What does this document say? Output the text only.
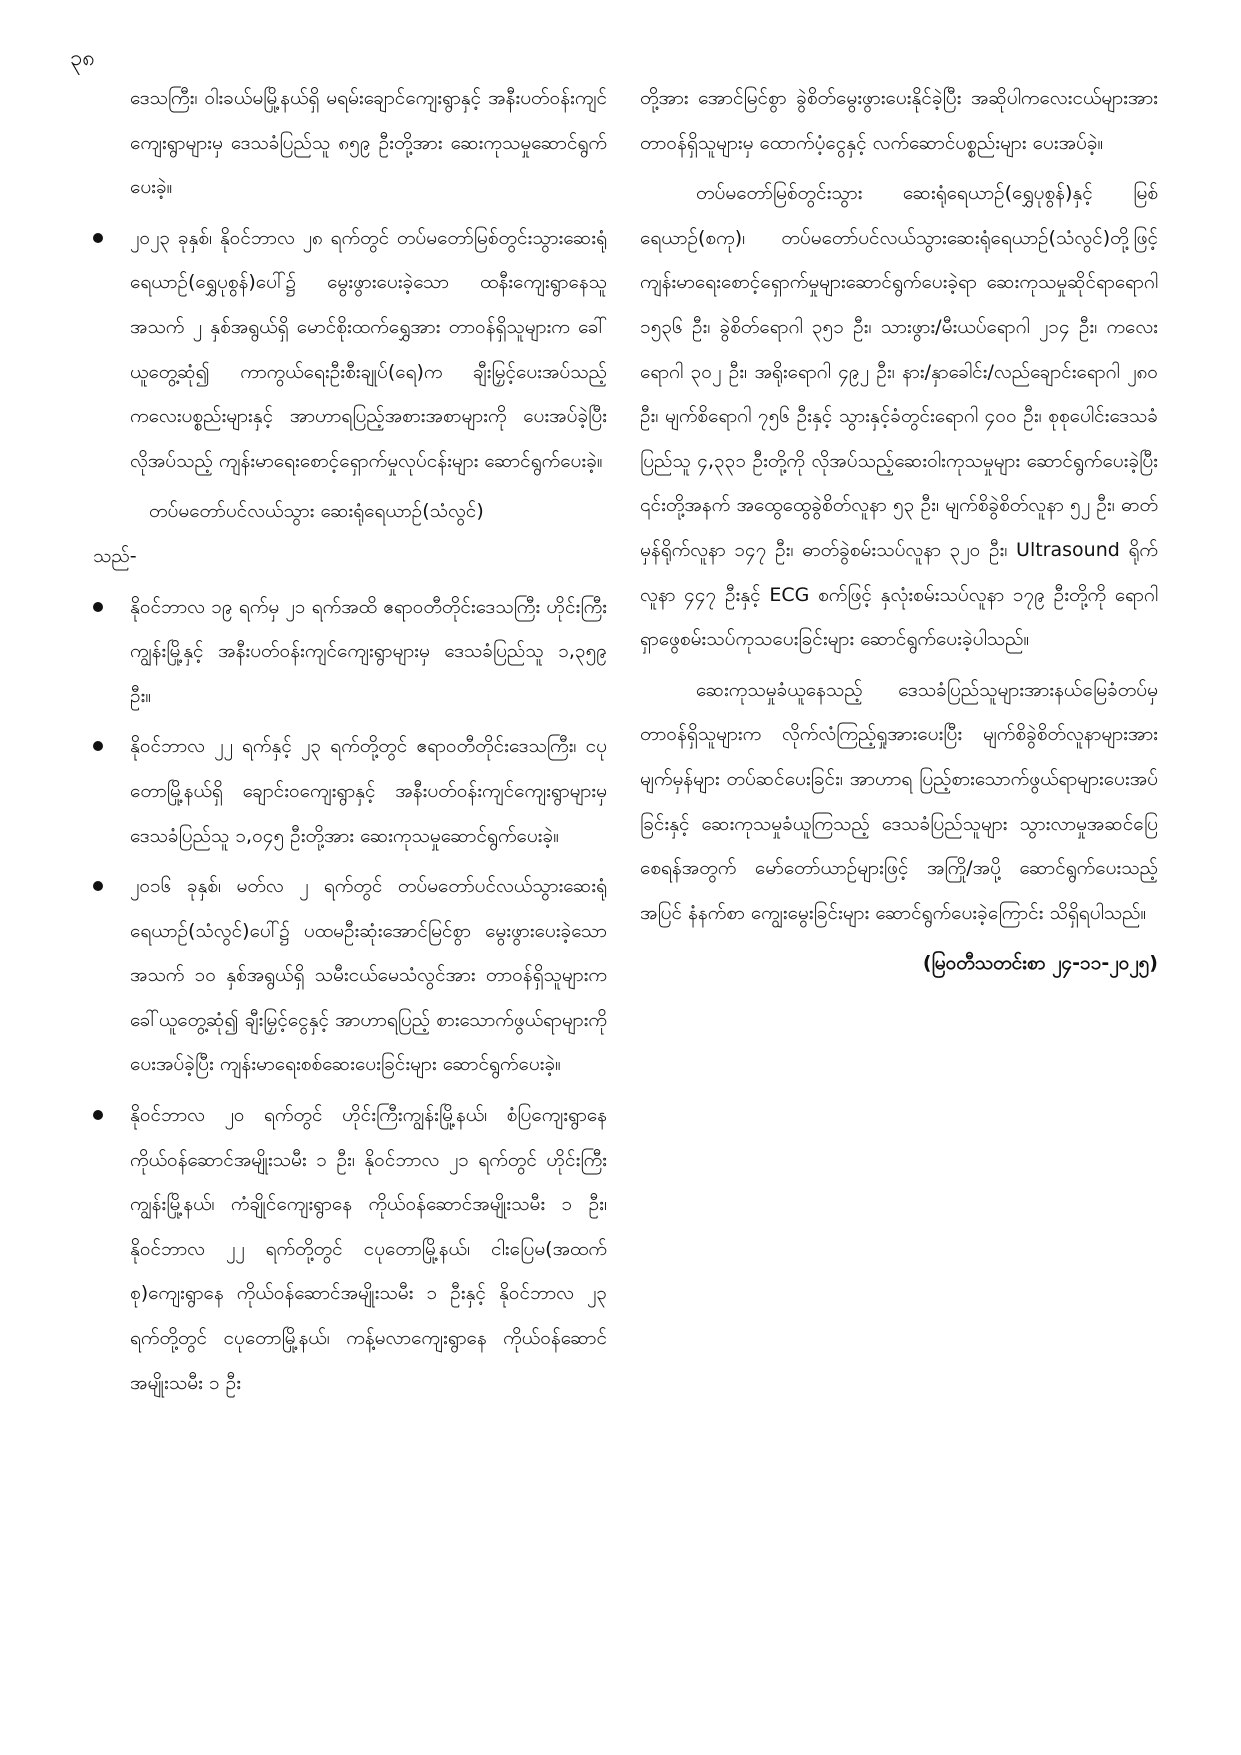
၃၈

ဒေသကြီး၊ ဝါးခယ်မမြို့နယ်ရှိ မရမ်းချောင်ကျေးရွာနှင့် အနီးပတ်ဝန်းကျင်ကျေးရွာများမှ ဒေသခံပြည်သူ ၈၅၉ ဦးတို့အား ဆေးကုသမှုဆောင်ရွက်ပေးခဲ့။

၂၀၂၃ ခုနှစ်၊ နိုဝင်ဘာလ ၂၈ ရက်တွင် တပ်မတော်မြစ်တွင်းသွားဆေးရုံရေယာဉ်(ရွှေပုစွန်)ပေါ်၌ မွေးဖွားပေးခဲ့သော ထနီးကျေးရွာနေသူ အသက် ၂ နှစ်အရွယ်ရှိ မောင်စိုးထက်ရွှေအား တာဝန်ရှိသူများက ခေါ်ယူတွေ့ဆုံ၍ ကာကွယ်ရေးဦးစီးချုပ်(ရေ)က ချီးမြှင့်ပေးအပ်သည့် ကလေးပစ္စည်းများနှင့် အာဟာရပြည့်အစားအစာများကို ပေးအပ်ခဲ့ပြီး လိုအပ်သည့် ကျန်းမာရေးစောင့်ရှောက်မှုလုပ်ငန်းများ ဆောင်ရွက်ပေးခဲ့။

တပ်မတော်ပင်လယ်သွား ဆေးရုံရေယာဉ်(သံလွင်)

သည်-

နိုဝင်ဘာလ ၁၉ ရက်မှ ၂၁ ရက်အထိ ဧရာဝတီတိုင်းဒေသကြီး ဟိုင်းကြီးကျွန်းမြို့နှင့် အနီးပတ်ဝန်းကျင်ကျေးရွာများမှ ဒေသခံပြည်သူ ၁,၃၅၉ ဦး။
နိုဝင်ဘာလ ၂၂ ရက်နှင့် ၂၃ ရက်တို့တွင် ဧရာဝတီတိုင်းဒေသကြီး၊ ငပုတောမြို့နယ်ရှိ ချောင်းဝကျေးရွာနှင့် အနီးပတ်ဝန်းကျင်ကျေးရွာများမှ ဒေသခံပြည်သူ ၁,၀၄၅ ဦးတို့အား ဆေးကုသမှုဆောင်ရွက်ပေးခဲ့။
၂၀၁၆ ခုနှစ်၊ မတ်လ ၂ ရက်တွင် တပ်မတော်ပင်လယ်သွားဆေးရုံရေယာဉ်(သံလွင်)ပေါ်၌ ပထမဦးဆုံးအောင်မြင်စွာ မွေးဖွားပေးခဲ့သော အသက် ၁၀ နှစ်အရွယ်ရှိ သမီးငယ်မေသံလွင်အား တာဝန်ရှိသူများက ခေါ်ယူတွေ့ဆုံ၍ ချီးမြှင့်ငွေနှင့် အာဟာရပြည့် စားသောက်ဖွယ်ရာများကို ပေးအပ်ခဲ့ပြီး ကျန်းမာရေးစစ်ဆေးပေးခြင်းများ ဆောင်ရွက်ပေးခဲ့။
နိုဝင်ဘာလ ၂၀ ရက်တွင် ဟိုင်းကြီးကျွန်းမြို့နယ်၊ စံပြကျေးရွာနေ ကိုယ်ဝန်ဆောင်အမျိုးသမီး ၁ ဦး၊ နိုဝင်ဘာလ ၂၁ ရက်တွင် ဟိုင်းကြီးကျွန်းမြို့နယ်၊ ကံချိုင်ကျေးရွာနေ ကိုယ်ဝန်ဆောင်အမျိုးသမီး ၁ ဦး၊ နိုဝင်ဘာလ ၂၂ ရက်တို့တွင် ငပုတောမြို့နယ်၊ ငါးပြေမ(အထက်စု)ကျေးရွာနေ ကိုယ်ဝန်ဆောင်အမျိုးသမီး ၁ ဦးနှင့် နိုဝင်ဘာလ ၂၃ ရက်တို့တွင် ငပုတောမြို့နယ်၊ ကန့်မလာကျေးရွာနေ ကိုယ်ဝန်ဆောင်အမျိုးသမီး ၁ ဦး

တို့အား အောင်မြင်စွာ ခွဲစိတ်မွေးဖွားပေးနိုင်ခဲ့ပြီး အဆိုပါကလေးငယ်များအား တာဝန်ရှိသူများမှ ထောက်ပံ့ငွေနှင့် လက်ဆောင်ပစ္စည်းများ ပေးအပ်ခဲ့။

တပ်မတော်မြစ်တွင်းသွား ဆေးရုံရေယာဉ်(ရွှေပုစွန်)နှင့် မြစ်ရေယာဉ်(စကု)၊ တပ်မတော်ပင်လယ်သွားဆေးရုံရေယာဉ်(သံလွင်)တို့ဖြင့် ကျန်းမာရေးစောင့်ရှောက်မှုများဆောင်ရွက်ပေးခဲ့ရာ ဆေးကုသမှုဆိုင်ရာရောဂါ ၁၅၃၆ ဦး၊ ခွဲစိတ်ရောဂါ ၃၅၁ ဦး၊ သားဖွား/မီးယပ်ရောဂါ ၂၁၄ ဦး၊ ကလေးရောဂါ ၃၀၂ ဦး၊ အရိုးရောဂါ ၄၉၂ ဦး၊ နား/နှာခေါင်း/လည်ချောင်းရောဂါ ၂၈၀ ဦး၊ မျက်စိရောဂါ ၇၅၆ ဦးနှင့် သွားနှင့်ခံတွင်းရောဂါ ၄၀၀ ဦး၊ စုစုပေါင်းဒေသခံပြည်သူ ၄,၃၃၁ ဦးတို့ကို လိုအပ်သည့်ဆေးဝါးကုသမှုများ ဆောင်ရွက်ပေးခဲ့ပြီး ၎င်းတို့အနက် အထွေထွေခွဲစိတ်လူနာ ၅၃ ဦး၊ မျက်စိခွဲစိတ်လူနာ ၅၂ ဦး၊ ဓာတ်မှန်ရိုက်လူနာ ၁၄၇ ဦး၊ ဓာတ်ခွဲစမ်းသပ်လူနာ ၃၂၀ ဦး၊ Ultrasound ရိုက်လူနာ ၄၄၇ ဦးနှင့် ECG စက်ဖြင့် နှလုံးစမ်းသပ်လူနာ ၁၇၉ ဦးတို့ကို ရောဂါရှာဖွေစမ်းသပ်ကုသပေးခြင်းများ ဆောင်ရွက်ပေးခဲ့ပါသည်။

ဆေးကုသမှုခံယူနေသည့် ဒေသခံပြည်သူများအားနယ်မြေခံတပ်မှ တာဝန်ရှိသူများက လိုက်လံကြည့်ရှုအားပေးပြီး မျက်စိခွဲစိတ်လူနာများအား မျက်မှန်များ တပ်ဆင်ပေးခြင်း၊ အာဟာရ ပြည့်စားသောက်ဖွယ်ရာများပေးအပ်ခြင်းနှင့် ဆေးကုသမှုခံယူကြသည့် ဒေသခံပြည်သူများ သွားလာမှုအဆင်ပြေစေရန်အတွက် မော်တော်ယာဉ်များဖြင့် အကြို/အပို့ ဆောင်ရွက်ပေးသည့်အပြင် နံနက်စာ ကျွေးမွေးခြင်းများ ဆောင်ရွက်ပေးခဲ့ကြောင်း သိရှိရပါသည်။

(မြဝတီသတင်းစာ ၂၄-၁၁-၂၀၂၅)
